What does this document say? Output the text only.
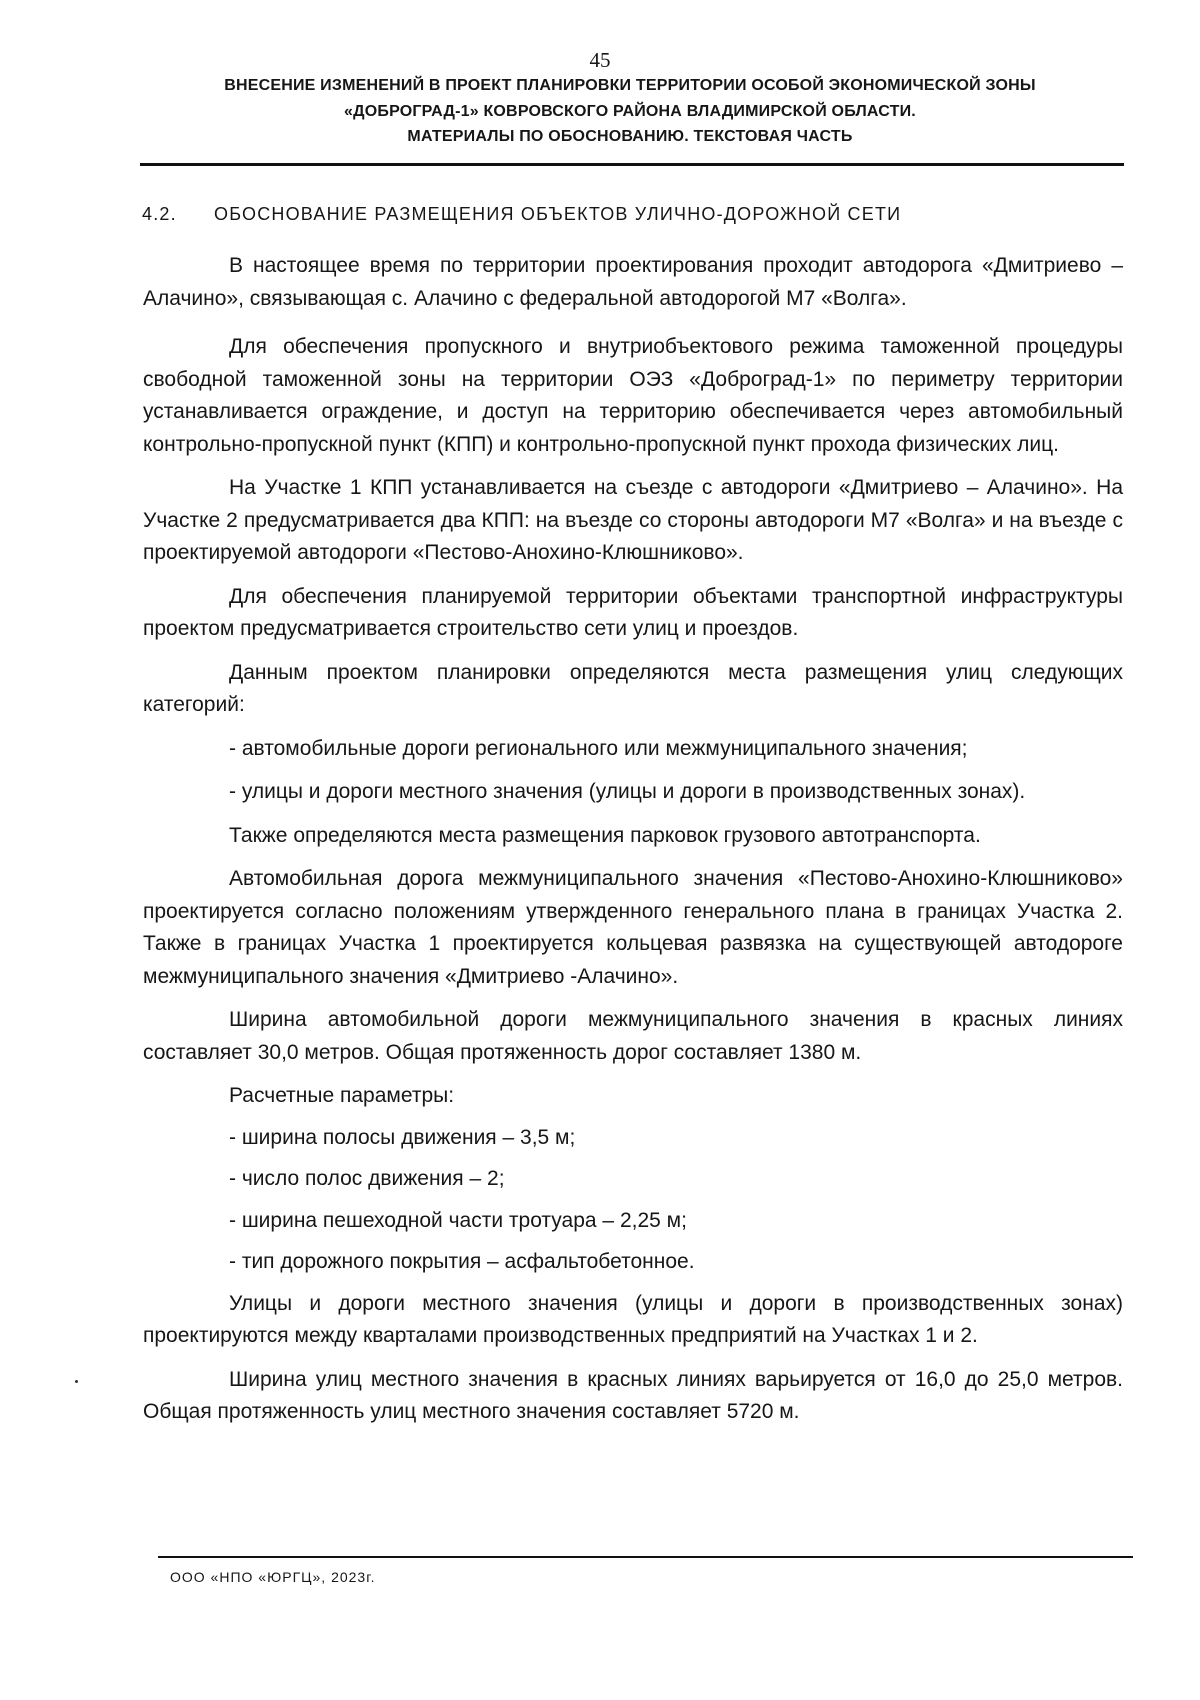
45
ВНЕСЕНИЕ ИЗМЕНЕНИЙ В ПРОЕКТ ПЛАНИРОВКИ ТЕРРИТОРИИ ОСОБОЙ ЭКОНОМИЧЕСКОЙ ЗОНЫ
«ДОБРОГРАД-1» КОВРОВСКОГО РАЙОНА ВЛАДИМИРСКОЙ ОБЛАСТИ.
МАТЕРИАЛЫ ПО ОБОСНОВАНИЮ. ТЕКСТОВАЯ ЧАСТЬ
4.2. ОБОСНОВАНИЕ РАЗМЕЩЕНИЯ ОБЪЕКТОВ УЛИЧНО-ДОРОЖНОЙ СЕТИ

В настоящее время по территории проектирования проходит автодорога «Дмитриево – Алачино», связывающая с. Алачино с федеральной автодорогой М7 «Волга».

Для обеспечения пропускного и внутриобъектового режима таможенной процедуры свободной таможенной зоны на территории ОЭЗ «Доброград-1» по периметру территории устанавливается ограждение, и доступ на территорию обеспечивается через автомобильный контрольно-пропускной пункт (КПП) и контрольно-пропускной пункт прохода физических лиц.

На Участке 1 КПП устанавливается на съезде с автодороги «Дмитриево – Алачино». На Участке 2 предусматривается два КПП: на въезде со стороны автодороги М7 «Волга» и на въезде с проектируемой автодороги «Пестово-Анохино-Клюшниково».

Для обеспечения планируемой территории объектами транспортной инфраструктуры проектом предусматривается строительство сети улиц и проездов.

Данным проектом планировки определяются места размещения улиц следующих категорий:

- автомобильные дороги регионального или межмуниципального значения;

- улицы и дороги местного значения (улицы и дороги в производственных зонах).

Также определяются места размещения парковок грузового автотранспорта.

Автомобильная дорога межмуниципального значения «Пестово-Анохино-Клюшниково» проектируется согласно положениям утвержденного генерального плана в границах Участка 2. Также в границах Участка 1 проектируется кольцевая развязка на существующей автодороге межмуниципального значения «Дмитриево -Алачино».

Ширина автомобильной дороги межмуниципального значения в красных линиях составляет 30,0 метров. Общая протяженность дорог составляет 1380 м.

Расчетные параметры:

- ширина полосы движения – 3,5 м;

- число полос движения – 2;

- ширина пешеходной части тротуара – 2,25 м;

- тип дорожного покрытия – асфальтобетонное.

Улицы и дороги местного значения (улицы и дороги в производственных зонах) проектируются между кварталами производственных предприятий на Участках 1 и 2.

Ширина улиц местного значения в красных линиях варьируется от 16,0 до 25,0 метров. Общая протяженность улиц местного значения составляет 5720 м.

ООО «НПО «ЮРГЦ», 2023г.
